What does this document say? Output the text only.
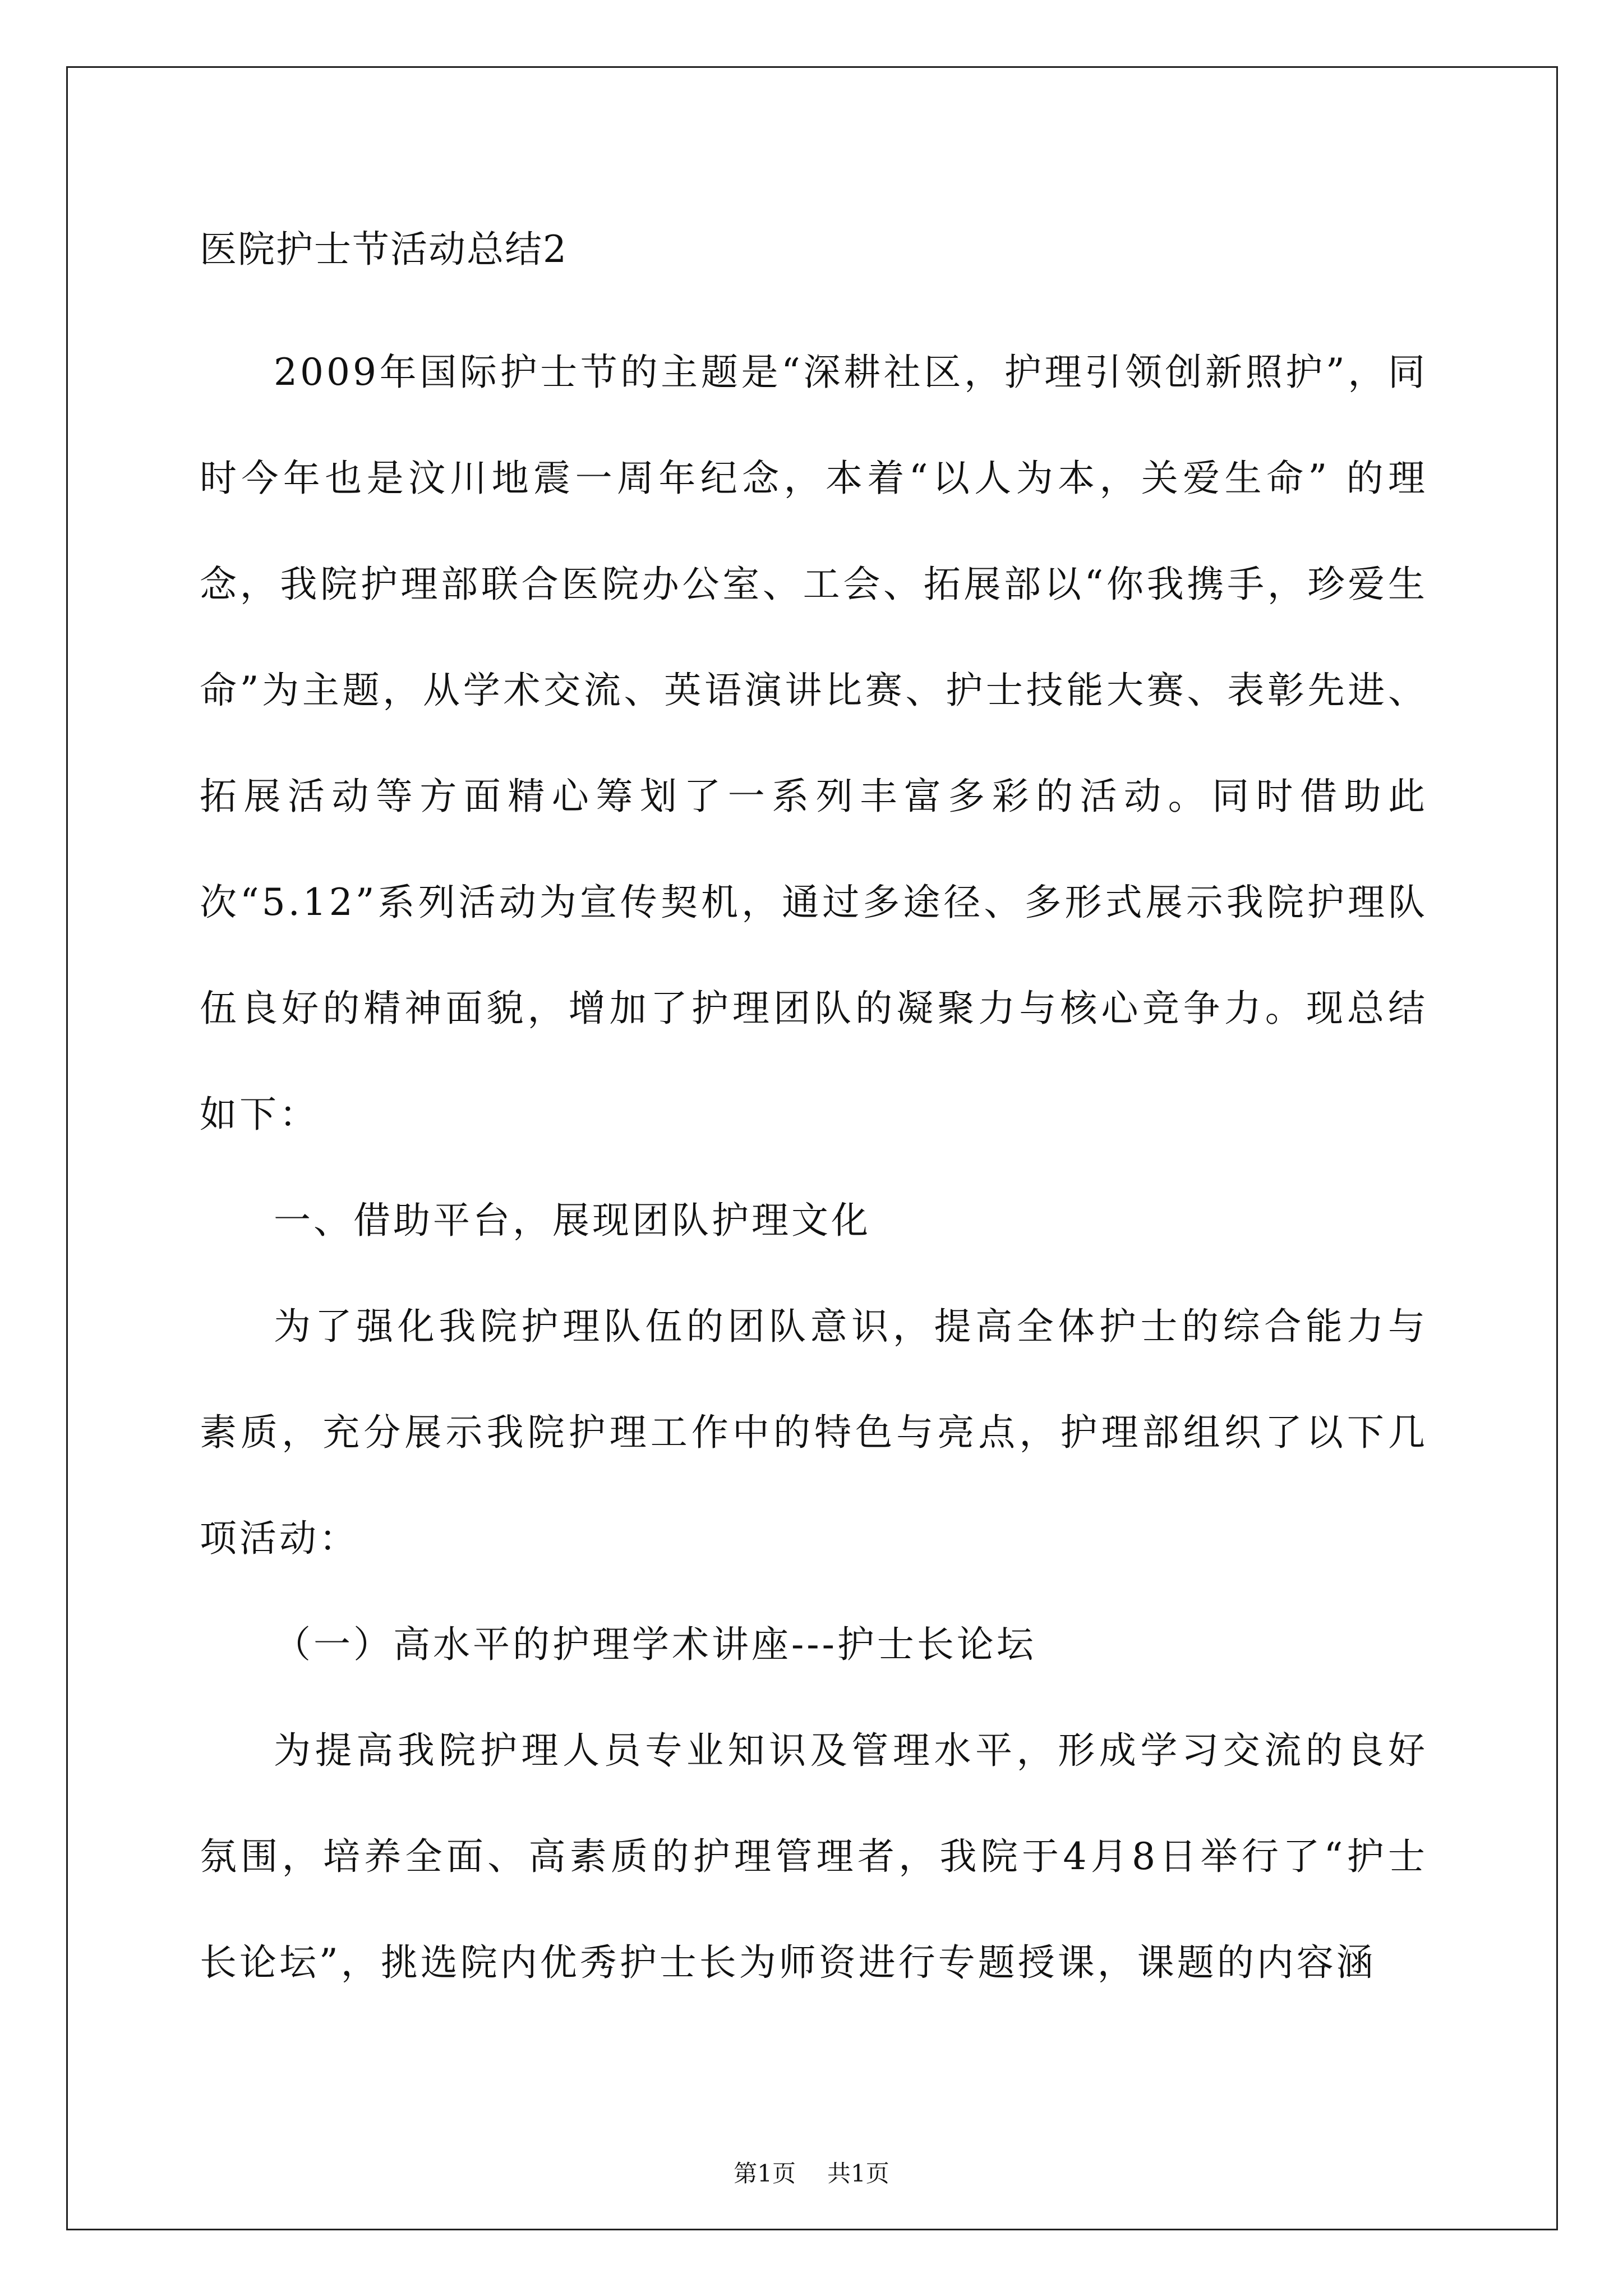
医院护士节活动总结2

2009年国际护士节的主题是“深耕社区，护理引领创新照护”，同时今年也是汶川地震一周年纪念，本着“以人为本，关爱生命” 的理念，我院护理部联合医院办公室、工会、拓展部以“你我携手，珍爱生命”为主题，从学术交流、英语演讲比赛、护士技能大赛、表彰先进、拓展活动等方面精心筹划了一系列丰富多彩的活动。同时借助此次“5.12”系列活动为宣传契机，通过多途径、多形式展示我院护理队伍良好的精神面貌，增加了护理团队的凝聚力与核心竞争力。现总结如下：

一、借助平台，展现团队护理文化

为了强化我院护理队伍的团队意识，提高全体护士的综合能力与素质，充分展示我院护理工作中的特色与亮点，护理部组织了以下几项活动：

（一）高水平的护理学术讲座---护士长论坛

为提高我院护理人员专业知识及管理水平，形成学习交流的良好氛围，培养全面、高素质的护理管理者，我院于4月8日举行了“护士长论坛”，挑选院内优秀护士长为师资进行专题授课，课题的内容涵

第1页 共1页
